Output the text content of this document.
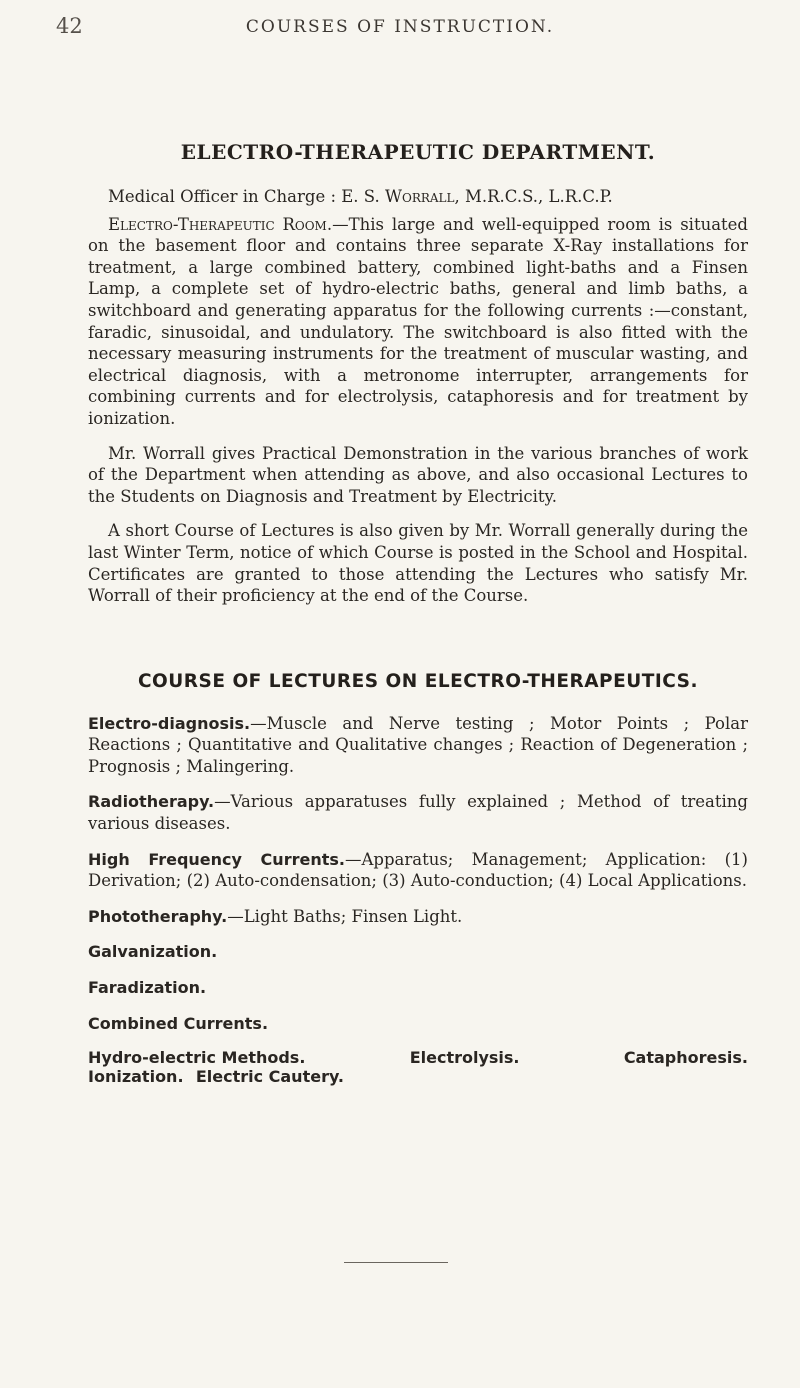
42	COURSES OF INSTRUCTION.
ELECTRO-THERAPEUTIC DEPARTMENT.

Medical Officer in Charge : E. S. Worrall, M.R.C.S., L.R.C.P.

Electro-Therapeutic Room.—This large and well-equipped room is situated on the basement floor and contains three separate X-Ray installations for treatment, a large combined battery, combined light-baths and a Finsen Lamp, a complete set of hydro-electric baths, general and limb baths, a switchboard and generating apparatus for the following currents :—constant, faradic, sinusoidal, and undulatory. The switchboard is also fitted with the necessary measuring instruments for the treatment of muscular wasting, and electrical diagnosis, with a metronome interrupter, arrangements for combining currents and for electrolysis, cataphoresis and for treatment by ionization.

Mr. Worrall gives Practical Demonstration in the various branches of work of the Department when attending as above, and also occasional Lectures to the Students on Diagnosis and Treatment by Electricity.

A short Course of Lectures is also given by Mr. Worrall generally during the last Winter Term, notice of which Course is posted in the School and Hospital. Certificates are granted to those attending the Lectures who satisfy Mr. Worrall of their proficiency at the end of the Course.

COURSE OF LECTURES ON ELECTRO-THERAPEUTICS.

Electro-diagnosis.—Muscle and Nerve testing ; Motor Points ; Polar Reactions ; Quantitative and Qualitative changes ; Reaction of Degeneration ; Prognosis ; Malingering.

Radiotherapy.—Various apparatuses fully explained ; Method of treating various diseases.

High Frequency Currents.—Apparatus; Management; Application: (1) Derivation; (2) Auto-condensation; (3) Auto-conduction; (4) Local Applications.

Phototheraphy.—Light Baths; Finsen Light.

Galvanization.

Faradization.

Combined Currents.

Hydro-electric Methods.	Electrolysis.	Cataphoresis.
Ionization. Electric Cautery.
